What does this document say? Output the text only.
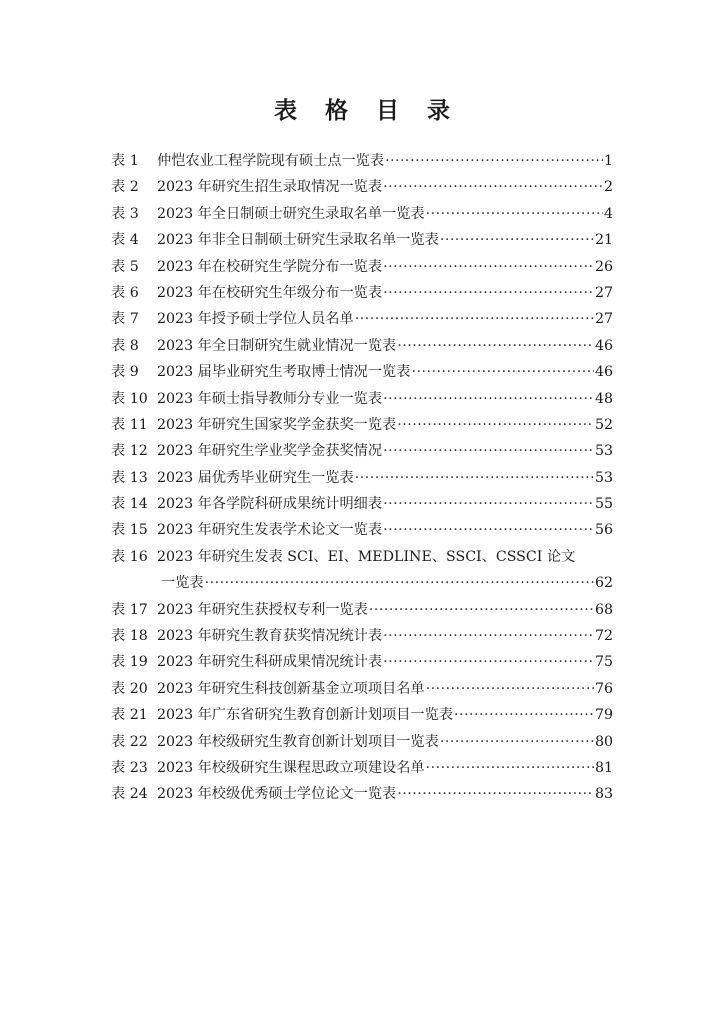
表 格 目 录
表 1	仲恺农业工程学院现有硕士点一览表 ·····	1
表 2	2023 年研究生招生录取情况一览表 ·····	2
表 3	2023 年全日制硕士研究生录取名单一览表 ·····	4
表 4	2023 年非全日制硕士研究生录取名单一览表 ·····	21
表 5	2023 年在校研究生学院分布一览表 ·····	26
表 6	2023 年在校研究生年级分布一览表 ·····	27
表 7	2023 年授予硕士学位人员名单 ·····	27
表 8	2023 年全日制研究生就业情况一览表 ·····	46
表 9	2023 届毕业研究生考取博士情况一览表 ·····	46
表 10 2023 年硕士指导教师分专业一览表 ·····	48
表 11 2023 年研究生国家奖学金获奖一览表 ·····	52
表 12 2023 年研究生学业奖学金获奖情况 ·····	53
表 13 2023 届优秀毕业研究生一览表 ·····	53
表 14 2023 年各学院科研成果统计明细表 ·····	55
表 15 2023 年研究生发表学术论文一览表 ·····	56
表 16 2023 年研究生发表 SCI、EI、MEDLINE、SSCI、CSSCI 论文
一览表 ·····	62
表 17 2023 年研究生获授权专利一览表 ·····	68
表 18 2023 年研究生教育获奖情况统计表 ·····	72
表 19 2023 年研究生科研成果情况统计表 ·····	75
表 20 2023 年研究生科技创新基金立项项目名单 ·····	76
表 21 2023 年广东省研究生教育创新计划项目一览表 ·····	79
表 22 2023 年校级研究生教育创新计划项目一览表 ·····	80
表 23 2023 年校级研究生课程思政立项建设名单 ·····	81
表 24 2023 年校级优秀硕士学位论文一览表 ·····	83
